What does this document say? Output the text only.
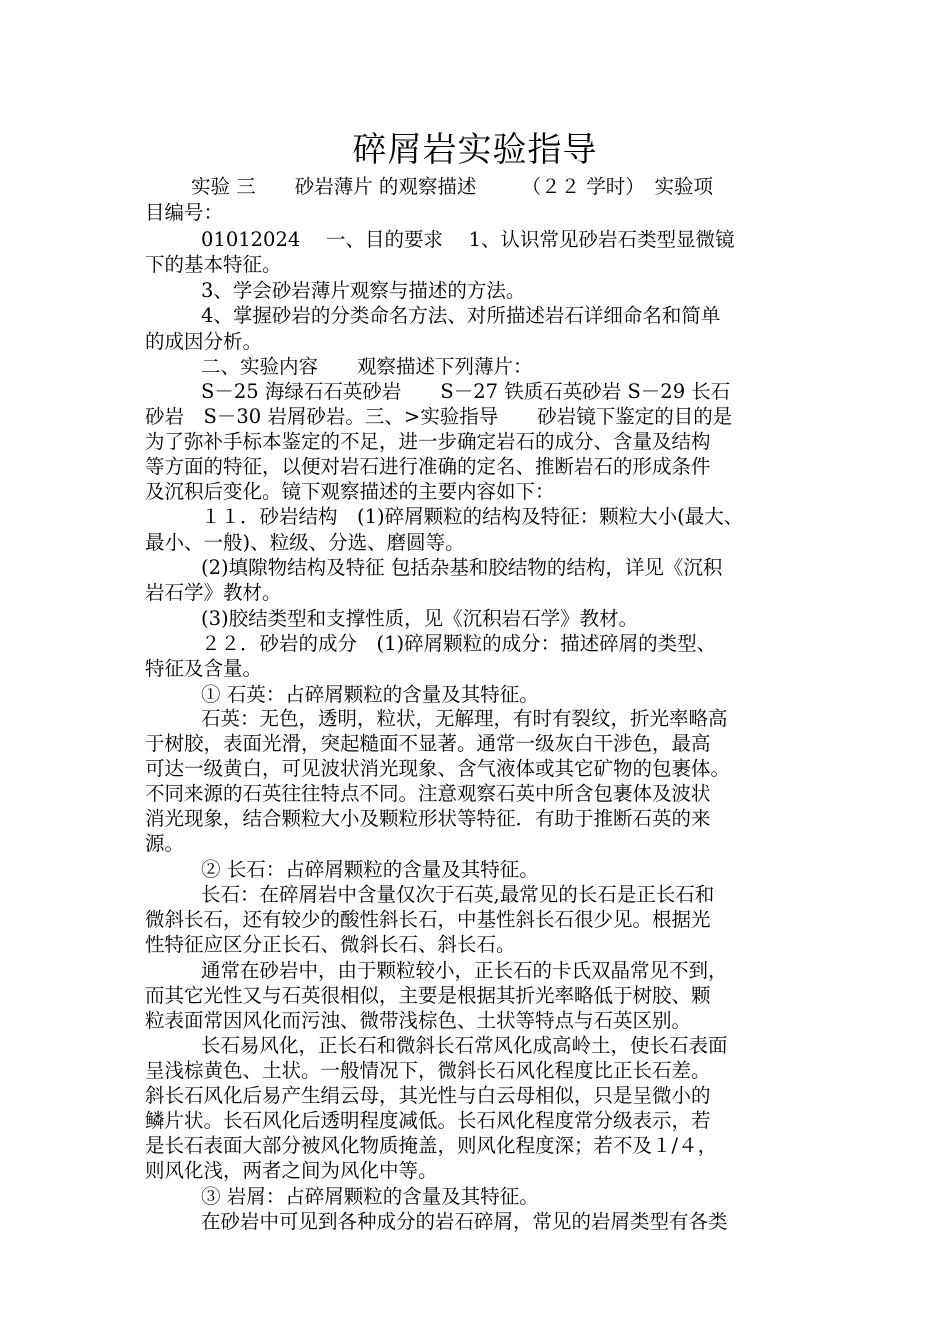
碎屑岩实验指导
实验 三　　砂岩薄片 的观察描述　　 （２２ 学时）　实验项
目编号：
01012024　 一、目的要求　 1、认识常见砂岩石类型显微镜
下的基本特征。
3、学会砂岩薄片观察与描述的方法。
4、掌握砂岩的分类命名方法、对所描述岩石详细命名和简单
的成因分析。
二、实验内容　　观察描述下列薄片：
S－25 海绿石石英砂岩　　S－27 铁质石英砂岩 S－29 长石
砂岩　S－30 岩屑砂岩。三、>实验指导　　砂岩镜下鉴定的目的是
为了弥补手标本鉴定的不足，进一步确定岩石的成分、含量及结构
等方面的特征，以便对岩石进行准确的定名、推断岩石的形成条件
及沉积后变化。镜下观察描述的主要内容如下：
１１．砂岩结构　(1)碎屑颗粒的结构及特征：颗粒大小(最大、
最小、一般)、粒级、分选、磨圆等。
(2)填隙物结构及特征 包括杂基和胶结物的结构，详见《沉积
岩石学》教材。
(3)胶结类型和支撑性质，见《沉积岩石学》教材。
２２．砂岩的成分　(1)碎屑颗粒的成分：描述碎屑的类型、
特征及含量。
① 石英：占碎屑颗粒的含量及其特征。
石英：无色，透明，粒状，无解理，有时有裂纹，折光率略高
于树胶，表面光滑，突起糙面不显著。通常一级灰白干涉色，最高
可达一级黄白，可见波状消光现象、含气液体或其它矿物的包裹体。
不同来源的石英往往特点不同。注意观察石英中所含包裹体及波状
消光现象，结合颗粒大小及颗粒形状等特征．有助于推断石英的来
源。
② 长石：占碎屑颗粒的含量及其特征。
长石：在碎屑岩中含量仅次于石英,最常见的长石是正长石和
微斜长石，还有较少的酸性斜长石，中基性斜长石很少见。根据光
性特征应区分正长石、微斜长石、斜长石。
通常在砂岩中，由于颗粒较小，正长石的卡氏双晶常见不到，
而其它光性又与石英很相似，主要是根据其折光率略低于树胶、颗
粒表面常因风化而污浊、微带浅棕色、土状等特点与石英区别。
长石易风化，正长石和微斜长石常风化成高岭土，使长石表面
呈浅棕黄色、土状。一般情况下，微斜长石风化程度比正长石差。
斜长石风化后易产生绢云母，其光性与白云母相似，只是呈微小的
鳞片状。长石风化后透明程度减低。长石风化程度常分级表示，若
是长石表面大部分被风化物质掩盖，则风化程度深；若不及１/４，
则风化浅，两者之间为风化中等。
③ 岩屑：占碎屑颗粒的含量及其特征。
在砂岩中可见到各种成分的岩石碎屑，常见的岩屑类型有各类
